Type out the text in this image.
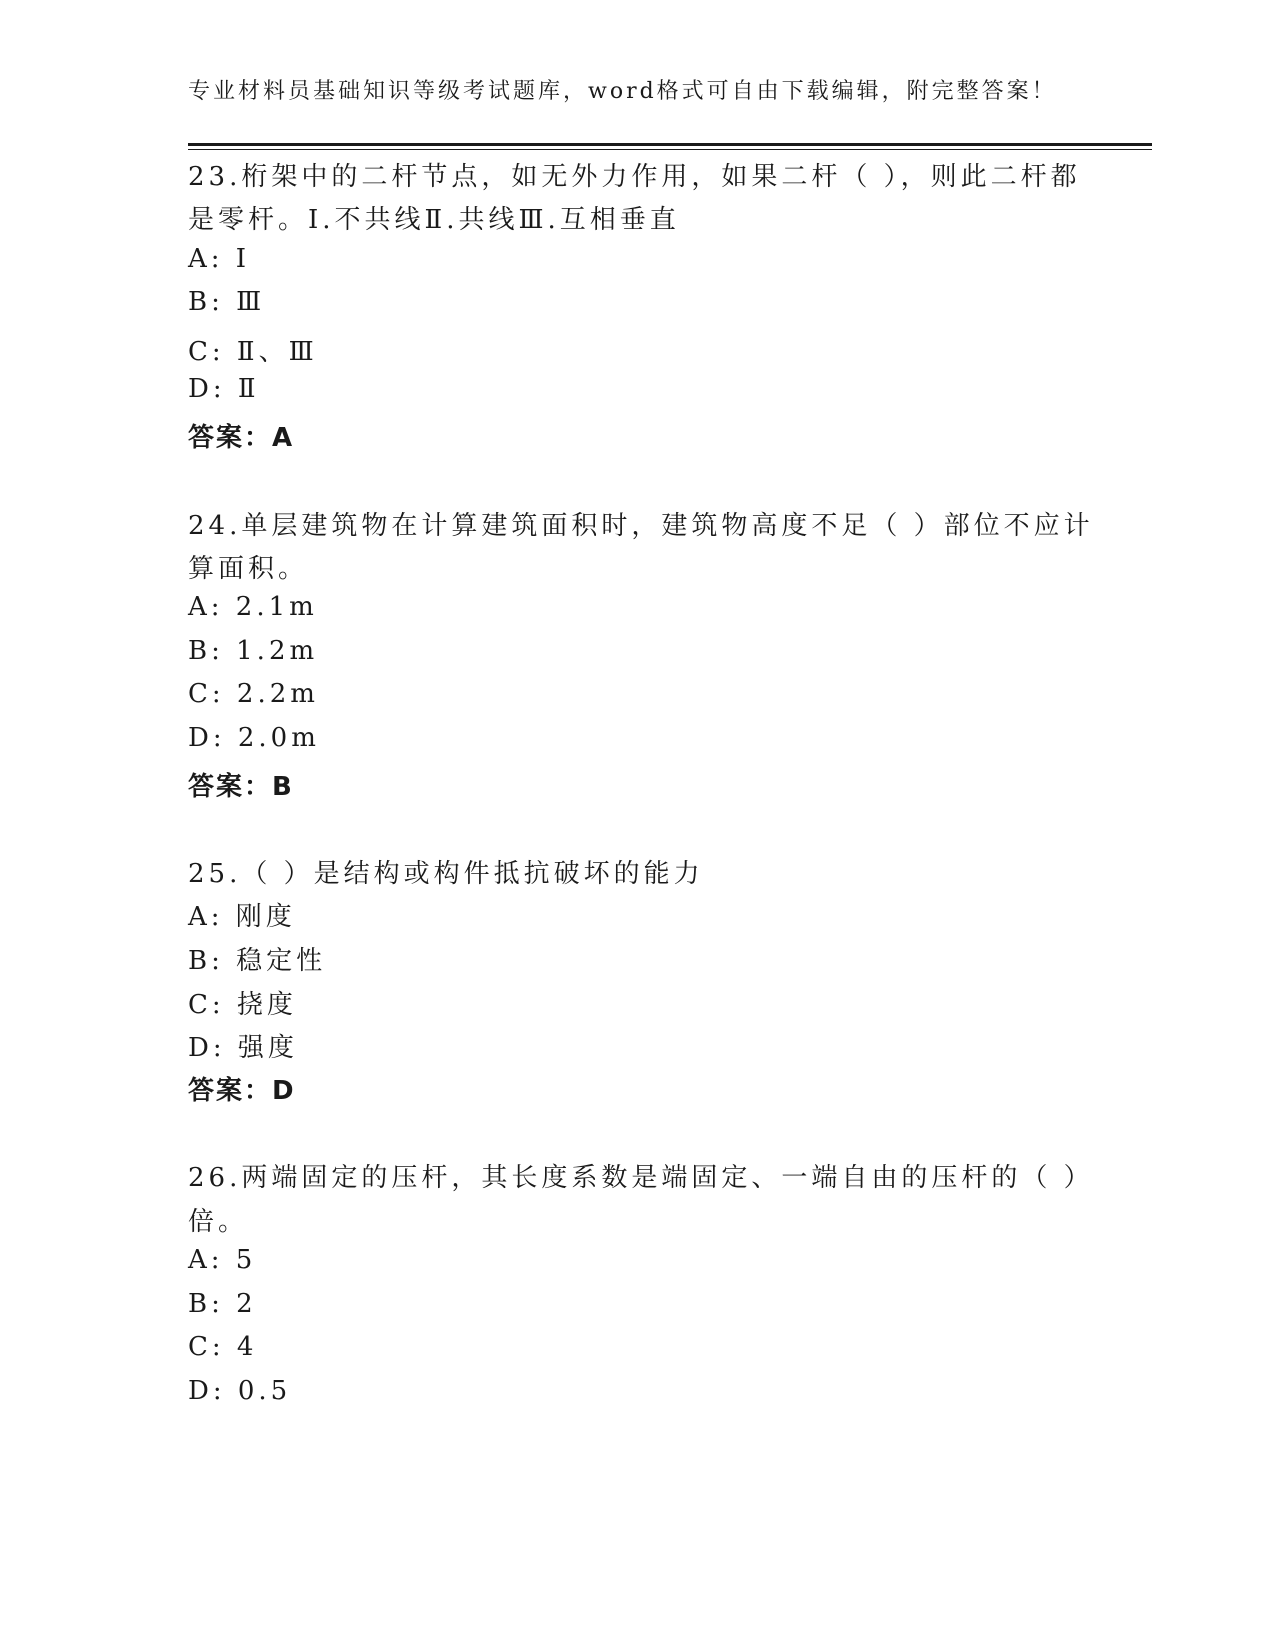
专业材料员基础知识等级考试题库，word格式可自由下载编辑，附完整答案！
23.桁架中的二杆节点，如无外力作用，如果二杆（ ），则此二杆都
是零杆。I.不共线Ⅱ.共线Ⅲ.互相垂直
A: Ⅰ
B: Ⅲ
C: Ⅱ、Ⅲ
D: Ⅱ
答案：A
24.单层建筑物在计算建筑面积时，建筑物高度不足（ ）部位不应计
算面积。
A: 2.1m
B: 1.2m
C: 2.2m
D: 2.0m
答案：B
25.（ ）是结构或构件抵抗破坏的能力
A: 刚度
B: 稳定性
C: 挠度
D: 强度
答案：D
26.两端固定的压杆，其长度系数是端固定、一端自由的压杆的（ ）
倍。
A: 5
B: 2
C: 4
D: 0.5
